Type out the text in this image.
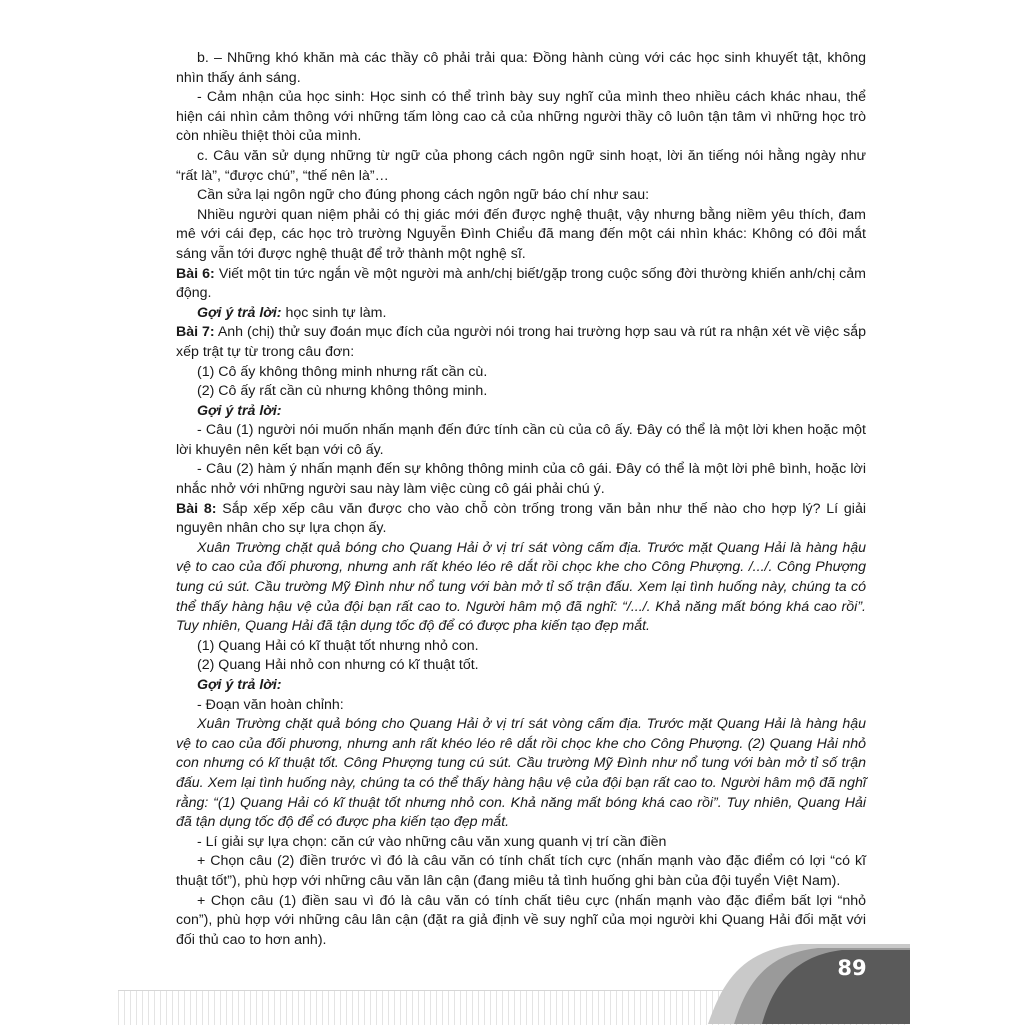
b. – Những khó khăn mà các thầy cô phải trải qua: Đồng hành cùng với các học sinh khuyết tật, không nhìn thấy ánh sáng.

- Cảm nhận của học sinh: Học sinh có thể trình bày suy nghĩ của mình theo nhiều cách khác nhau, thể hiện cái nhìn cảm thông với những tấm lòng cao cả của những người thầy cô luôn tận tâm vì những học trò còn nhiều thiệt thòi của mình.

c. Câu văn sử dụng những từ ngữ của phong cách ngôn ngữ sinh hoạt, lời ăn tiếng nói hằng ngày như “rất là”, “được chú”, “thế nên là”…

Cần sửa lại ngôn ngữ cho đúng phong cách ngôn ngữ báo chí như sau:

Nhiều người quan niệm phải có thị giác mới đến được nghệ thuật, vậy nhưng bằng niềm yêu thích, đam mê với cái đẹp, các học trò trường Nguyễn Đình Chiểu đã mang đến một cái nhìn khác: Không có đôi mắt sáng vẫn tới được nghệ thuật để trở thành một nghệ sĩ.

Bài 6: Viết một tin tức ngắn về một người mà anh/chị biết/gặp trong cuộc sống đời thường khiến anh/chị cảm động.

Gợi ý trả lời: học sinh tự làm.

Bài 7: Anh (chị) thử suy đoán mục đích của người nói trong hai trường hợp sau và rút ra nhận xét về việc sắp xếp trật tự từ trong câu đơn:

(1) Cô ấy không thông minh nhưng rất cần cù.

(2) Cô ấy rất cần cù nhưng không thông minh.

Gợi ý trả lời:

- Câu (1) người nói muốn nhấn mạnh đến đức tính cần cù của cô ấy. Đây có thể là một lời khen hoặc một lời khuyên nên kết bạn với cô ấy.

- Câu (2) hàm ý nhấn mạnh đến sự không thông minh của cô gái. Đây có thể là một lời phê bình, hoặc lời nhắc nhở với những người sau này làm việc cùng cô gái phải chú ý.

Bài 8: Sắp xếp xếp câu văn được cho vào chỗ còn trống trong văn bản như thế nào cho hợp lý? Lí giải nguyên nhân cho sự lựa chọn ấy.

Xuân Trường chặt quả bóng cho Quang Hải ở vị trí sát vòng cấm địa. Trước mặt Quang Hải là hàng hậu vệ to cao của đối phương, nhưng anh rất khéo léo rê dắt rồi chọc khe cho Công Phượng. /.../. Công Phượng tung cú sút. Cầu trường Mỹ Đình như nổ tung với bàn mở tỉ số trận đấu. Xem lại tình huống này, chúng ta có thể thấy hàng hậu vệ của đội bạn rất cao to. Người hâm mộ đã nghĩ: “/.../. Khả năng mất bóng khá cao rồi”. Tuy nhiên, Quang Hải đã tận dụng tốc độ để có được pha kiến tạo đẹp mắt.

(1) Quang Hải có kĩ thuật tốt nhưng nhỏ con.

(2) Quang Hải nhỏ con nhưng có kĩ thuật tốt.

Gợi ý trả lời:

- Đoạn văn hoàn chỉnh:

Xuân Trường chặt quả bóng cho Quang Hải ở vị trí sát vòng cấm địa. Trước mặt Quang Hải là hàng hậu vệ to cao của đối phương, nhưng anh rất khéo léo rê dắt rồi chọc khe cho Công Phượng. (2) Quang Hải nhỏ con nhưng có kĩ thuật tốt. Công Phượng tung cú sút. Cầu trường Mỹ Đình như nổ tung với bàn mở tỉ số trận đấu. Xem lại tình huống này, chúng ta có thể thấy hàng hậu vệ của đội bạn rất cao to. Người hâm mộ đã nghĩ rằng: “(1) Quang Hải có kĩ thuật tốt nhưng nhỏ con. Khả năng mất bóng khá cao rồi”. Tuy nhiên, Quang Hải đã tận dụng tốc độ để có được pha kiến tạo đẹp mắt.

- Lí giải sự lựa chọn: căn cứ vào những câu văn xung quanh vị trí cần điền

+ Chọn câu (2) điền trước vì đó là câu văn có tính chất tích cực (nhấn mạnh vào đặc điểm có lợi “có kĩ thuật tốt”), phù hợp với những câu văn lân cận (đang miêu tả tình huống ghi bàn của đội tuyển Việt Nam).

+ Chọn câu (1) điền sau vì đó là câu văn có tính chất tiêu cực (nhấn mạnh vào đặc điểm bất lợi “nhỏ con”), phù hợp với những câu lân cận (đặt ra giả định về suy nghĩ của mọi người khi Quang Hải đối mặt với đối thủ cao to hơn anh).

89
